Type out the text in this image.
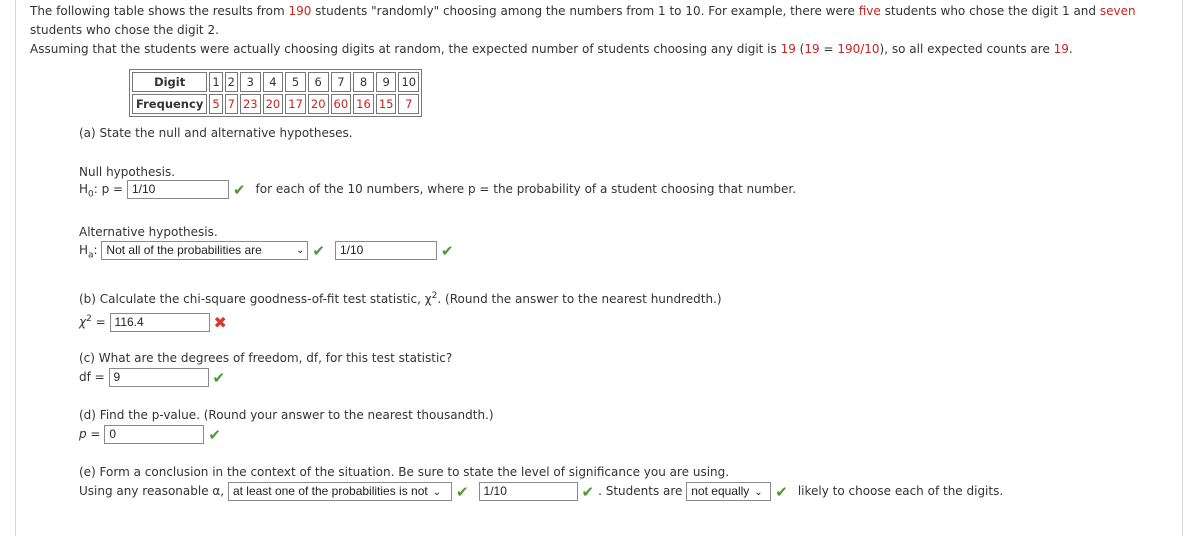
The following table shows the results from 190 students "randomly" choosing among the numbers from 1 to 10. For example, there were five students who chose the digit 1 and seven students who chose the digit 2.

Assuming that the students were actually choosing digits at random, the expected number of students choosing any digit is 19 (19 = 190/10), so all expected counts are 19.

Digit	1	2	3	4	5	6	7	8	9	10
Frequency	5	7	23	20	17	20	60	16	15	7
(a) State the null and alternative hypotheses.
Null hypothesis.
$H_0$: p = 1/10	✔ for each of the 10 numbers, where p = the probability of a student choosing that number.
Alternative hypothesis.
$H_a$: Not all of the probabilities are	⌄ ✔ 1/10	✔
(b) Calculate the chi-square goodness-of-fit test statistic, $\chi^2$. (Round the answer to the nearest hundredth.)
$\chi^2 = 116.4$	✖
(c) What are the degrees of freedom, df, for this test statistic?
df = 9	✔
(d) Find the p-value. (Round your answer to the nearest thousandth.)
p = 0	✔
(e) Form a conclusion in the context of the situation. Be sure to state the level of significance you are using.
Using any reasonable α, at least one of the probabilities is not ⌄ ✔ 1/10	✔ . Students are not equally ⌄ ✔ likely to choose each of the digits.
